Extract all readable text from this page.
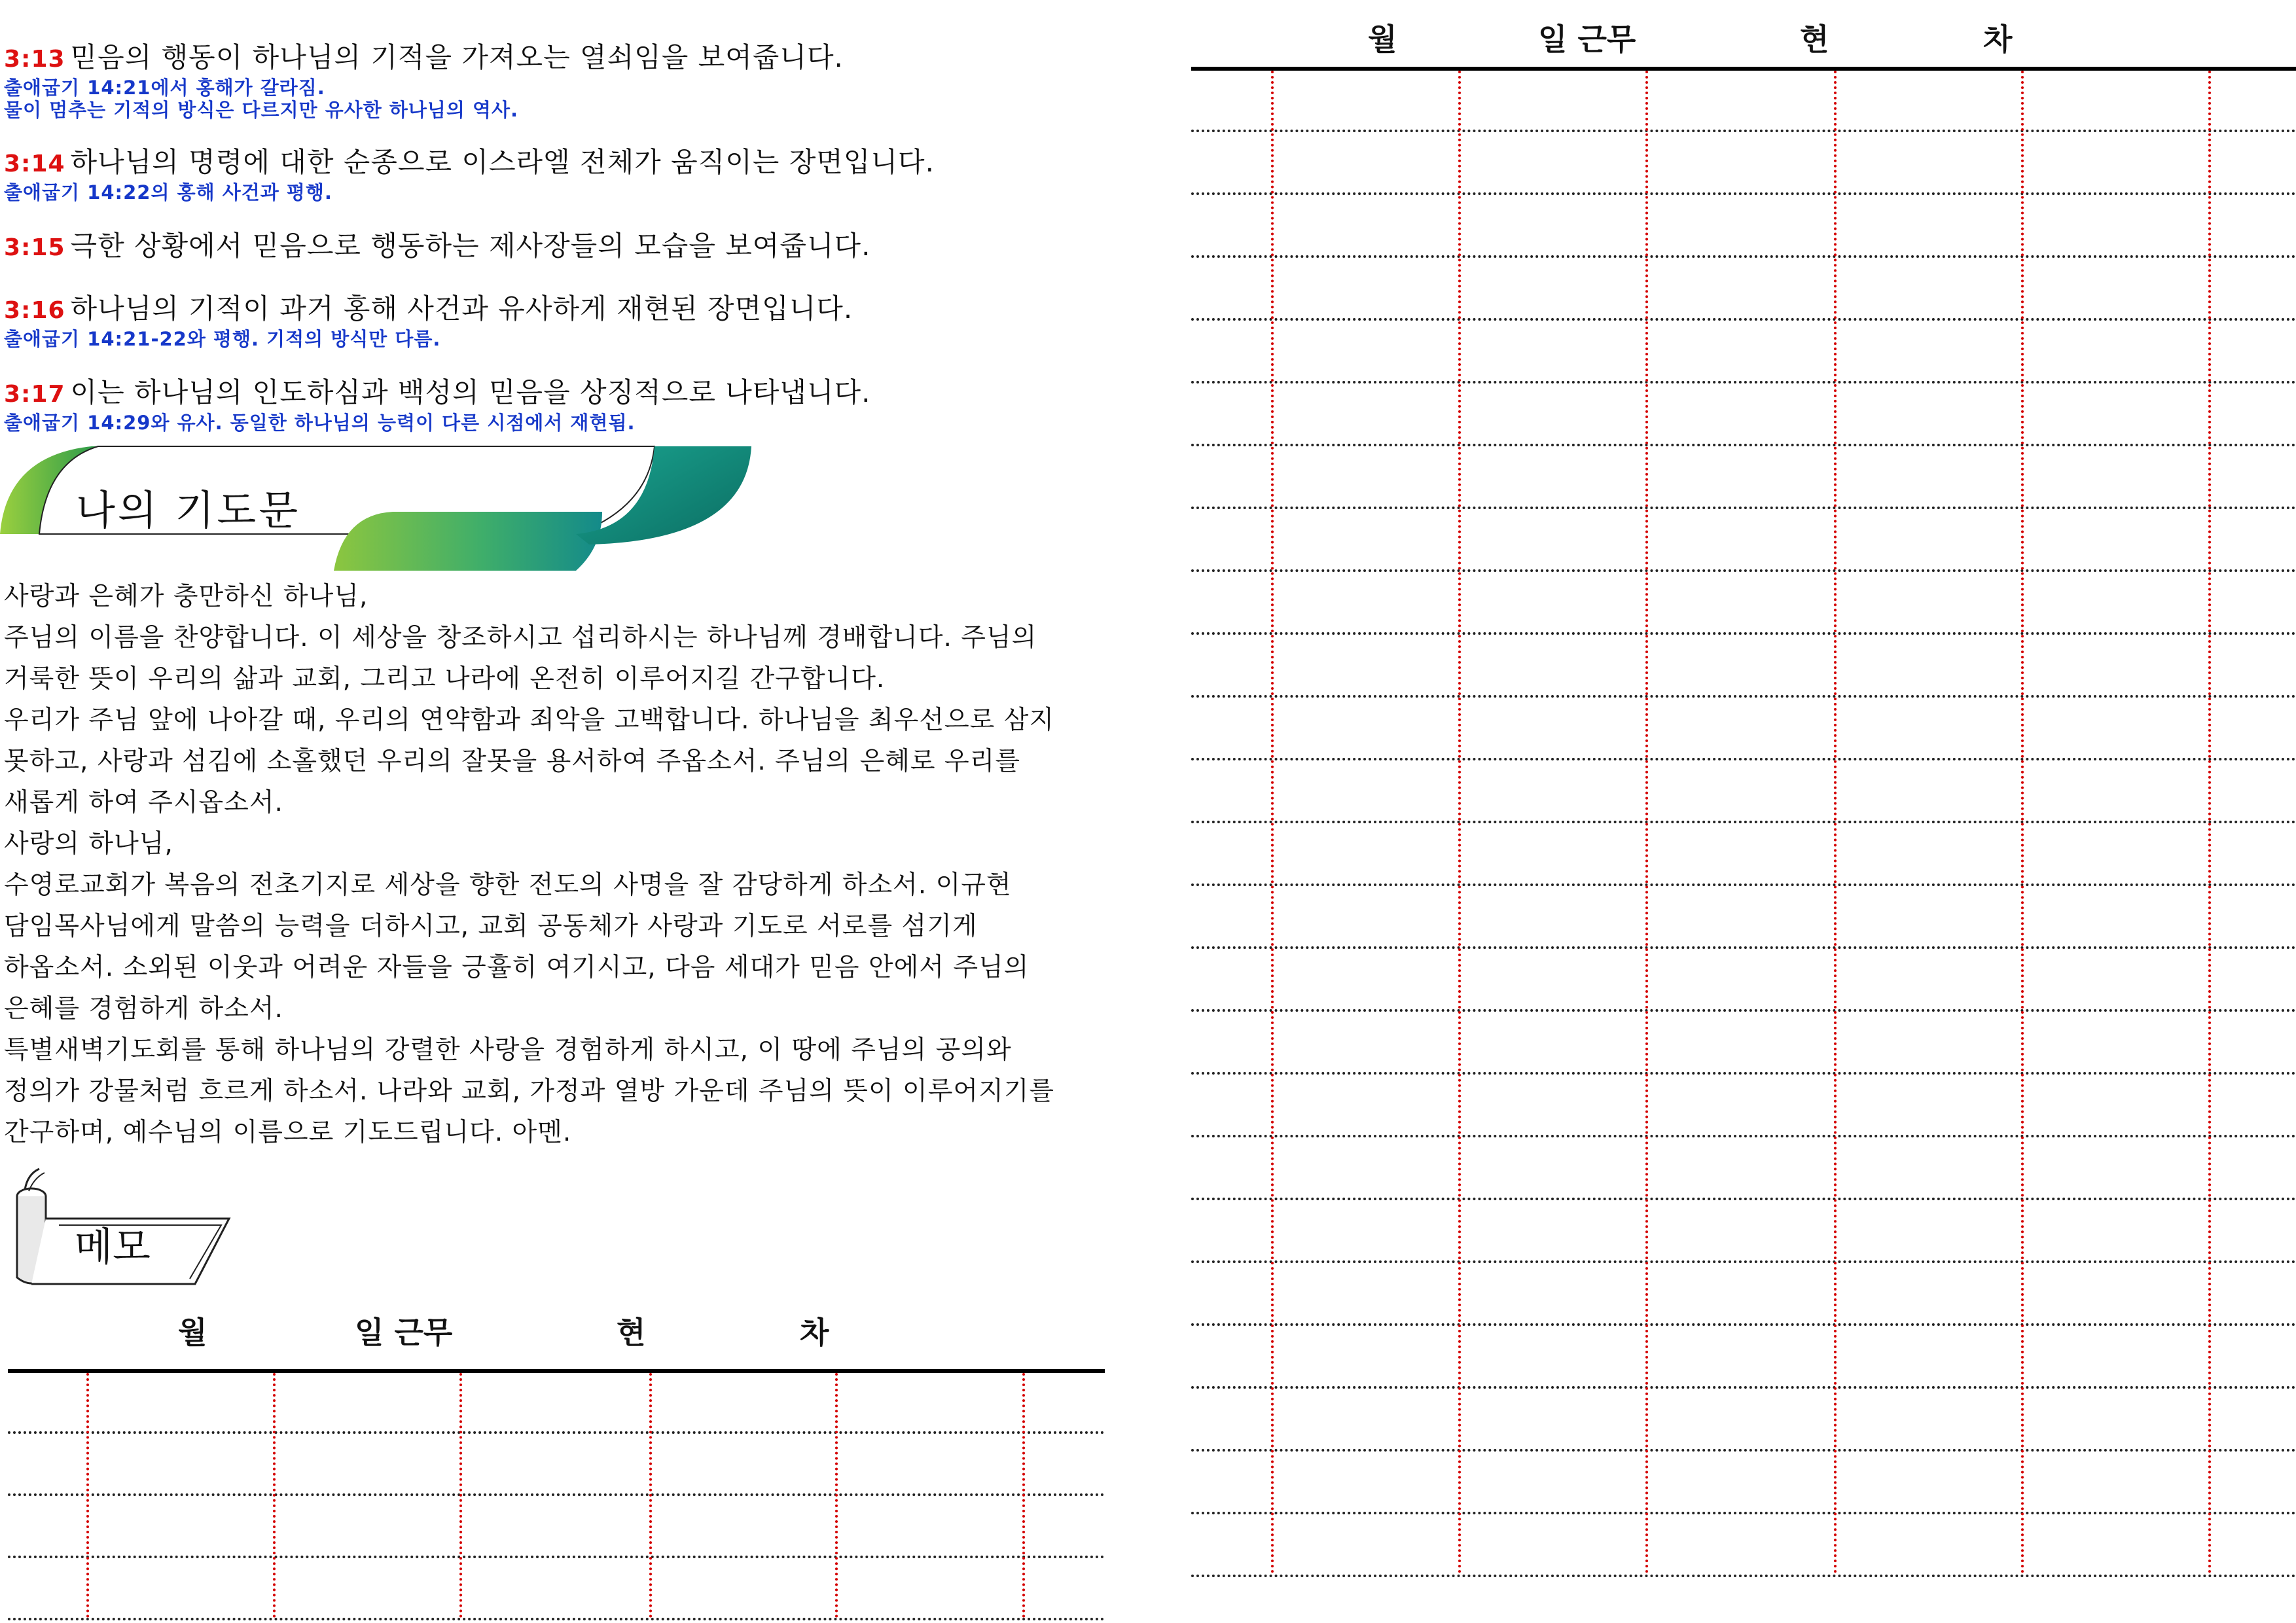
3:13 믿음의 행동이 하나님의 기적을 가져오는 열쇠임을 보여줍니다.
출애굽기 14:21에서 홍해가 갈라짐.
물이 멈추는 기적의 방식은 다르지만 유사한 하나님의 역사.
3:14 하나님의 명령에 대한 순종으로 이스라엘 전체가 움직이는 장면입니다.
출애굽기 14:22의 홍해 사건과 평행.
3:15 극한 상황에서 믿음으로 행동하는 제사장들의 모습을 보여줍니다.
3:16 하나님의 기적이 과거 홍해 사건과 유사하게 재현된 장면입니다.
출애굽기 14:21-22와 평행. 기적의 방식만 다름.
3:17 이는 하나님의 인도하심과 백성의 믿음을 상징적으로 나타냅니다.
출애굽기 14:29와 유사. 동일한 하나님의 능력이 다른 시점에서 재현됨.
나의 기도문
사랑과 은혜가 충만하신 하나님,
주님의 이름을 찬양합니다. 이 세상을 창조하시고 섭리하시는 하나님께 경배합니다. 주님의
거룩한 뜻이 우리의 삶과 교회, 그리고 나라에 온전히 이루어지길 간구합니다.
우리가 주님 앞에 나아갈 때, 우리의 연약함과 죄악을 고백합니다. 하나님을 최우선으로 삼지
못하고, 사랑과 섬김에 소홀했던 우리의 잘못을 용서하여 주옵소서. 주님의 은혜로 우리를
새롭게 하여 주시옵소서.
사랑의 하나님,
수영로교회가 복음의 전초기지로 세상을 향한 전도의 사명을 잘 감당하게 하소서. 이규현
담임목사님에게 말씀의 능력을 더하시고, 교회 공동체가 사랑과 기도로 서로를 섬기게
하옵소서. 소외된 이웃과 어려운 자들을 긍휼히 여기시고, 다음 세대가 믿음 안에서 주님의
은혜를 경험하게 하소서.
특별새벽기도회를 통해 하나님의 강렬한 사랑을 경험하게 하시고, 이 땅에 주님의 공의와
정의가 강물처럼 흐르게 하소서. 나라와 교회, 가정과 열방 가운데 주님의 뜻이 이루어지기를
간구하며, 예수님의 이름으로 기도드립니다. 아멘.
메모
월	일 근무	현	차
월	일 근무	현	차
